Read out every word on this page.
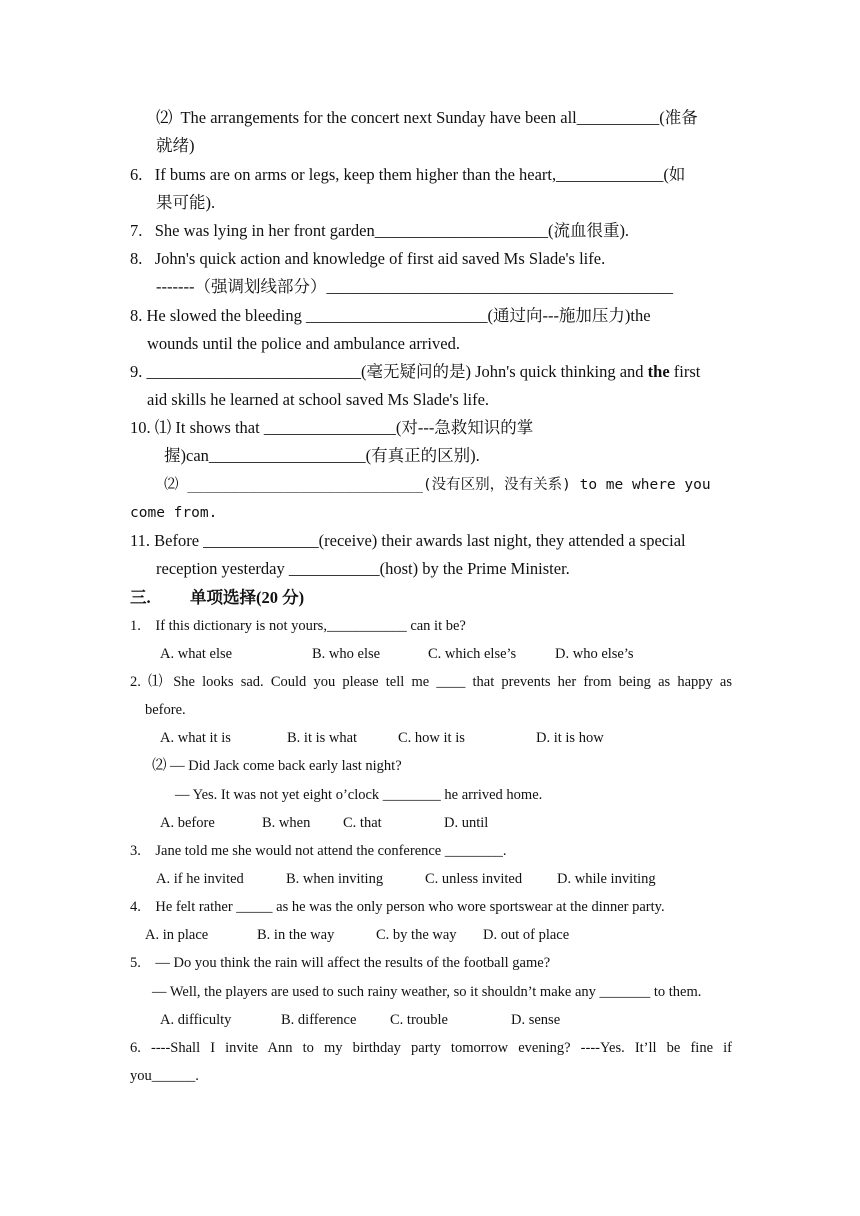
⑵  The arrangements for the concert next Sunday have been all__________(准备
就绪)
6.   If bums are on arms or legs, keep them higher than the heart,_____________(如
果可能).
7.   She was lying in her front garden_____________________(流血很重).
8.   John's quick action and knowledge of first aid saved Ms Slade's life.
-------（强调划线部分）__________________________________________
8. He slowed the bleeding ______________________(通过向---施加压力)the
wounds until the police and ambulance arrived.
9. __________________________(毫无疑问的是) John's quick thinking and the first
aid skills he learned at school saved Ms Slade's life.
10. ⑴ It shows that ________________(对---急救知识的掌
握)can___________________(有真正的区别).
⑵ ___________________________(没有区别，没有关系) to me where you
come from.
11. Before ______________(receive) their awards last night, they attended a special
reception yesterday ___________(host) by the Prime Minister.
三. 单项选择(20 分)
1.    If this dictionary is not yours,___________ can it be?
A. what else	B. who else	C. which else’s	D. who else’s
2. ⑴ She looks sad. Could you please tell me ____ that prevents her from being as happy as
before.
A. what it is	B. it is what	C. how it is	D. it is how
⑵ — Did Jack come back early last night?
— Yes. It was not yet eight o’clock ________ he arrived home.
A. before	B. when C. that	D. until
3.    Jane told me she would not attend the conference ________.
A. if he invited	B. when inviting	C. unless invited D. while inviting
4.    He felt rather _____ as he was the only person who wore sportswear at the dinner party.
A. in place	B. in the way	C. by the way D. out of place
5.    — Do you think the rain will affect the results of the football game?
— Well, the players are used to such rainy weather, so it shouldn’t make any _______ to them.
A. difficulty	B. difference C. trouble	D. sense
6. ----Shall I invite Ann to my birthday party tomorrow evening? ----Yes. It’ll be fine if
you______.
